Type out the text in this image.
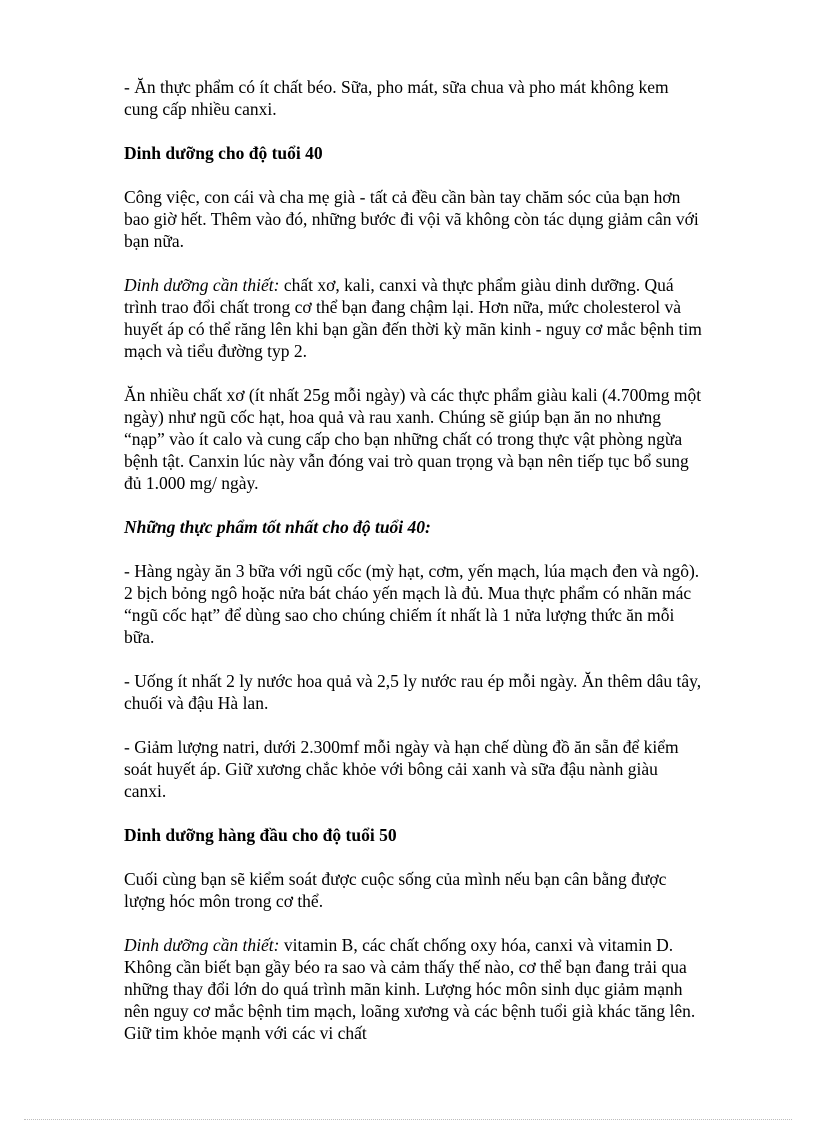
- Ăn thực phẩm có ít chất béo. Sữa, pho mát, sữa chua và pho mát không kem cung cấp nhiều canxi.

Dinh dưỡng cho độ tuổi 40

Công việc, con cái và cha mẹ già - tất cả đều cần bàn tay chăm sóc của bạn hơn bao giờ hết. Thêm vào đó, những bước đi vội vã không còn tác dụng giảm cân với bạn nữa.

Dinh dưỡng cần thiết: chất xơ, kali, canxi và thực phẩm giàu dinh dưỡng. Quá trình trao đổi chất trong cơ thể bạn đang chậm lại. Hơn nữa, mức cholesterol và huyết áp có thể răng lên khi bạn gần đến thời kỳ mãn kinh - nguy cơ mắc bệnh tim mạch và tiểu đường typ 2.

Ăn nhiều chất xơ (ít nhất 25g mỗi ngày) và các thực phẩm giàu kali (4.700mg một ngày) như ngũ cốc hạt, hoa quả và rau xanh. Chúng sẽ giúp bạn ăn no nhưng “nạp” vào ít calo và cung cấp cho bạn những chất có trong thực vật phòng ngừa bệnh tật. Canxin lúc này vẫn đóng vai trò quan trọng và bạn nên tiếp tục bổ sung đủ 1.000 mg/ ngày.

Những thực phẩm tốt nhất cho độ tuổi 40:

- Hàng ngày ăn 3 bữa với ngũ cốc (mỳ hạt, cơm, yến mạch, lúa mạch đen và ngô). 2 bịch bỏng ngô hoặc nửa bát cháo yến mạch là đủ. Mua thực phẩm có nhãn mác “ngũ cốc hạt” để dùng sao cho chúng chiếm ít nhất là 1 nửa lượng thức ăn mỗi bữa.

- Uống ít nhất 2 ly nước hoa quả và 2,5 ly nước rau ép mỗi ngày. Ăn thêm dâu tây, chuối và đậu Hà lan.

- Giảm lượng natri, dưới 2.300mf mỗi ngày và hạn chế dùng đồ ăn sẵn để kiểm soát huyết áp. Giữ xương chắc khỏe với bông cải xanh và sữa đậu nành giàu canxi.

Dinh dưỡng hàng đầu cho độ tuổi 50

Cuối cùng bạn sẽ kiểm soát được cuộc sống của mình nếu bạn cân bằng được lượng hóc môn trong cơ thể.

Dinh dưỡng cần thiết: vitamin B, các chất chống oxy hóa, canxi và vitamin D. Không cần biết bạn gầy béo ra sao và cảm thấy thế nào, cơ thể bạn đang trải qua những thay đổi lớn do quá trình mãn kinh. Lượng hóc môn sinh dục giảm mạnh nên nguy cơ mắc bệnh tim mạch, loãng xương và các bệnh tuổi già khác tăng lên. Giữ tim khỏe mạnh với các vi chất
